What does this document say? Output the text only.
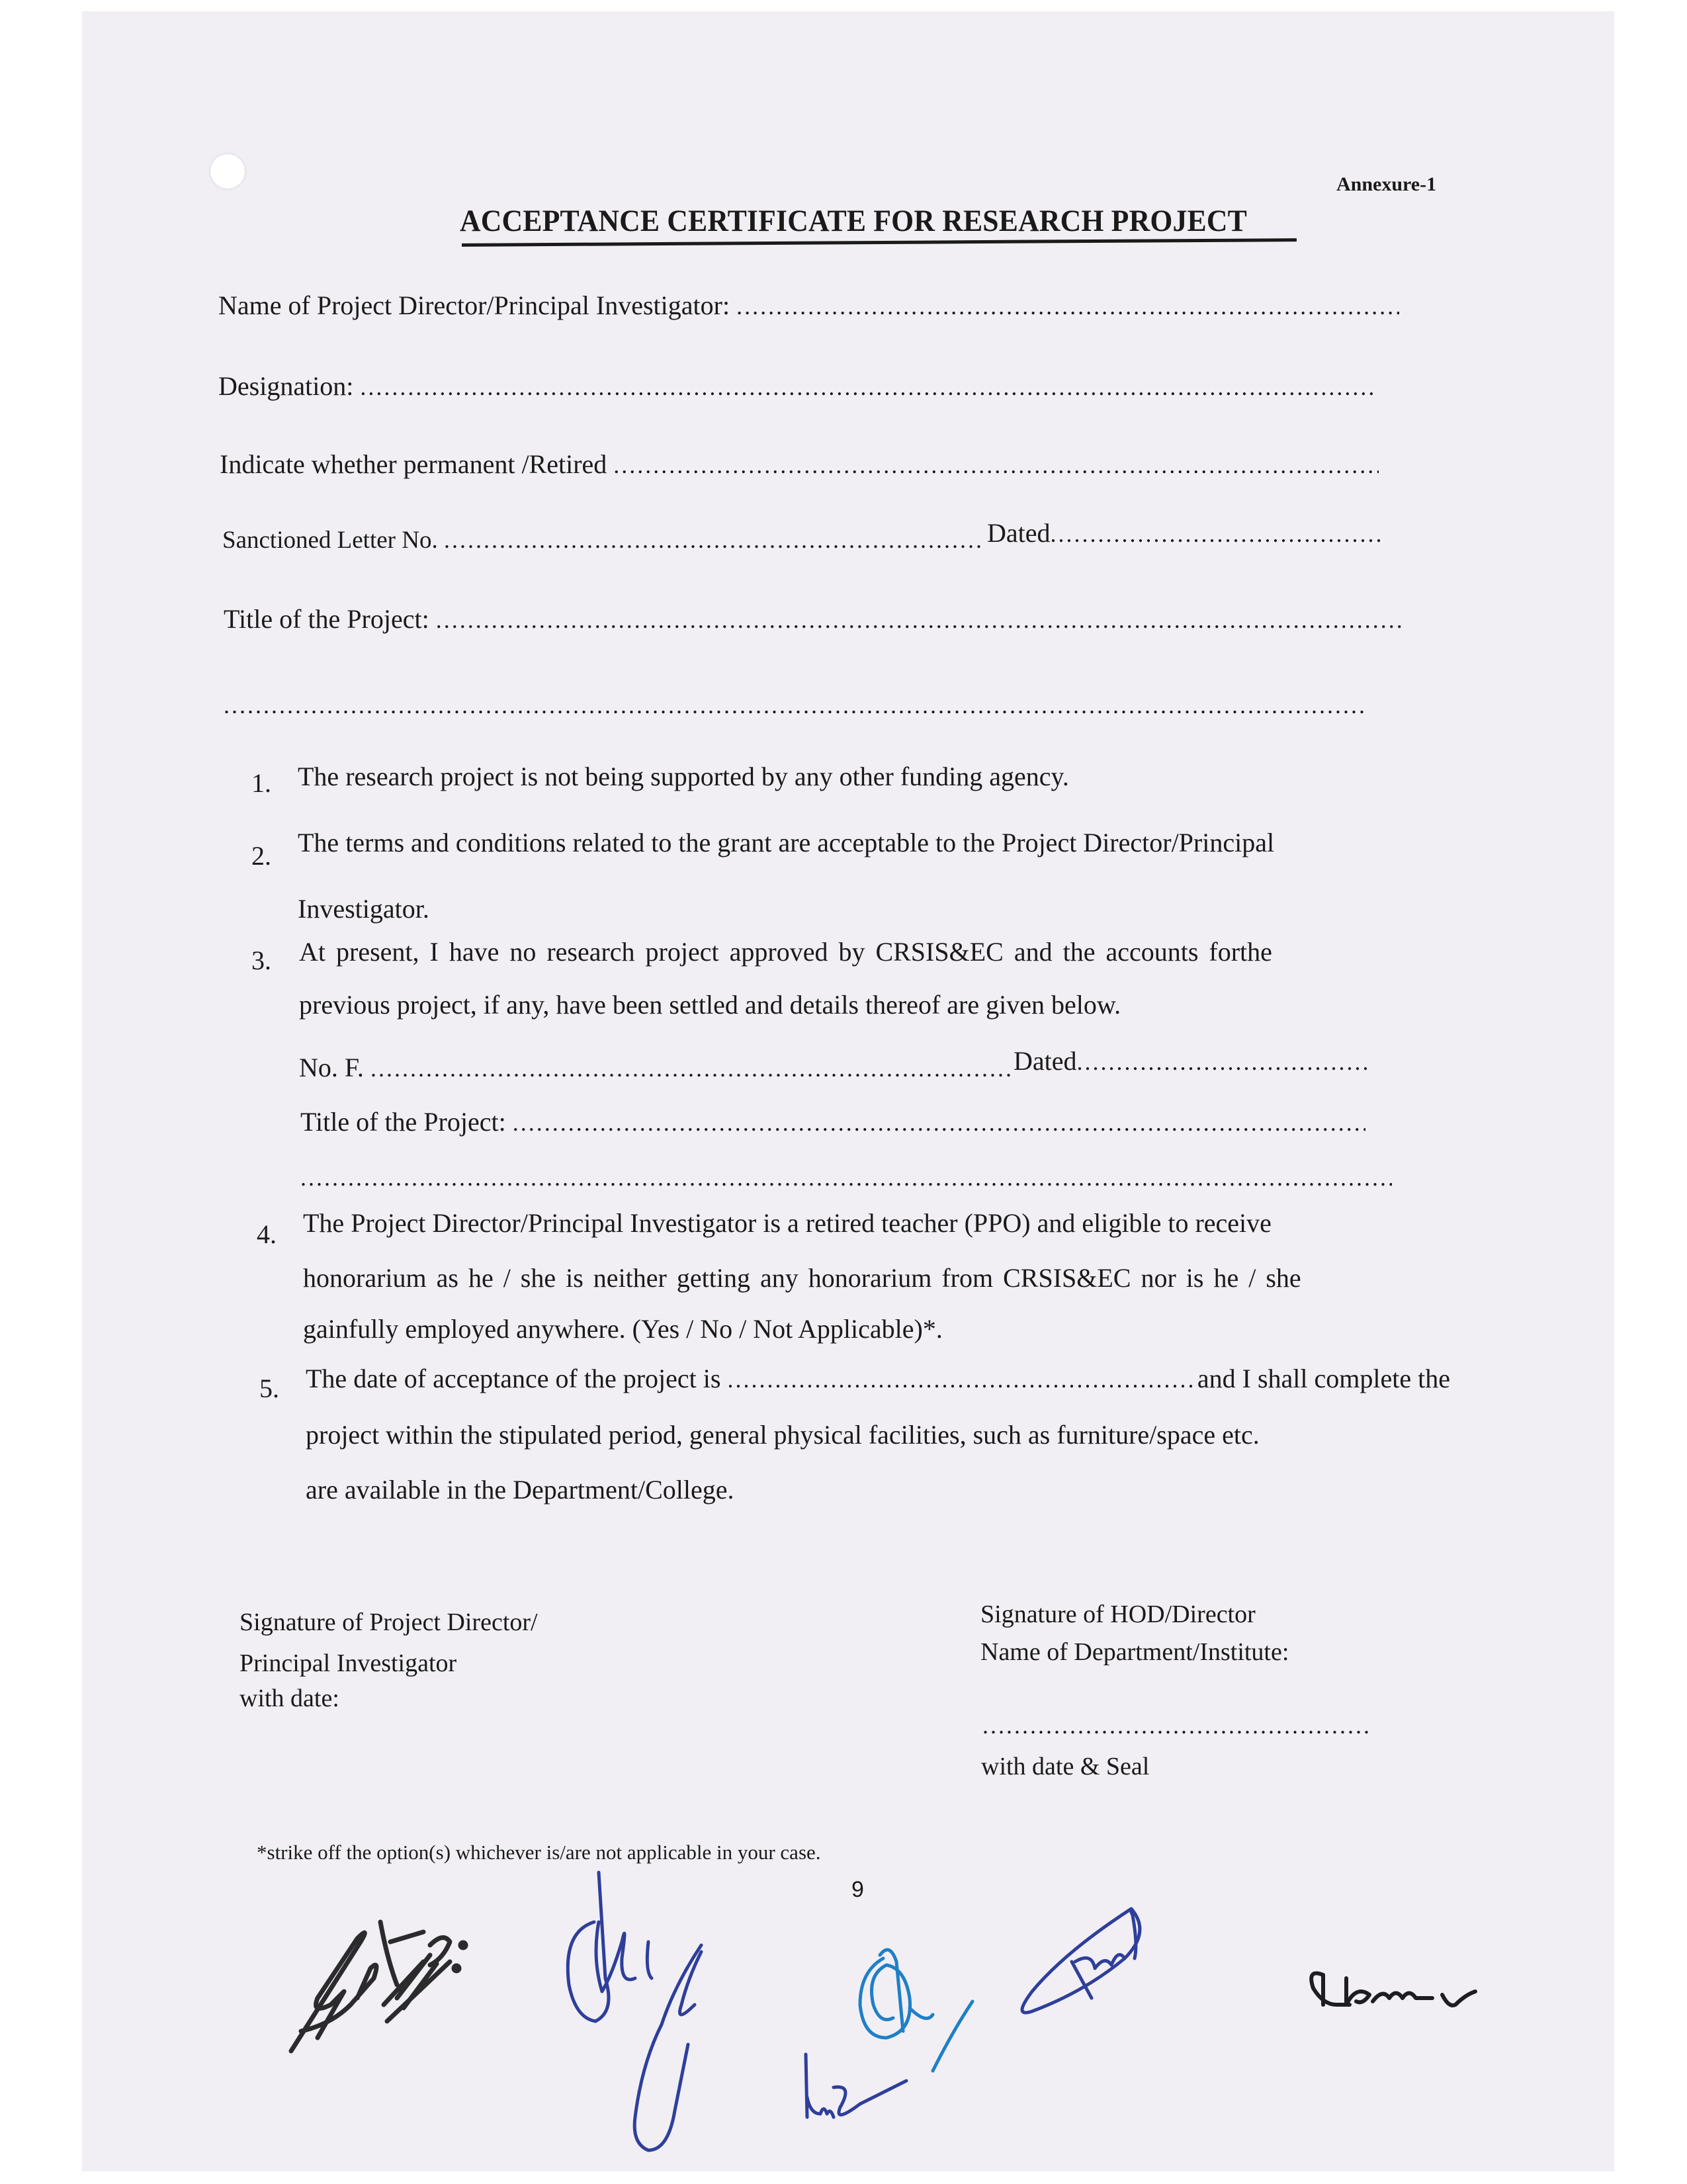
Annexure-1
ACCEPTANCE CERTIFICATE FOR RESEARCH PROJECT
Name of Project Director/Principal Investigator:

.....
Designation:

.....
Indicate whether permanent /Retired

.....
Sanctioned Letter No.
.....	Dated
.....
Title of the Project:

.....
.....
1. The research project is not being supported by any other funding agency.
2. The terms and conditions related to the grant are acceptable to the Project Director/Principal
Investigator.
3. At present, I have no research project approved by CRSIS&EC and the accounts forthe
previous project, if any, have been settled and details thereof are given below.
No. F.
.....	Dated
.....
Title of the Project:

.....
.....
4. The Project Director/Principal Investigator is a retired teacher (PPO) and eligible to receive
honorarium as he / she is neither getting any honorarium from CRSIS&EC nor is he / she
gainfully employed anywhere. (Yes / No / Not Applicable)*.
5. The date of acceptance of the project is
.....	and I shall complete the
project within the stipulated period, general physical facilities, such as furniture/space etc.
are available in the Department/College.
Signature of Project Director/
Principal Investigator
with date:
Signature of HOD/Director
Name of Department/Institute:
.....
with date & Seal
*strike off the option(s) whichever is/are not applicable in your case.
9
